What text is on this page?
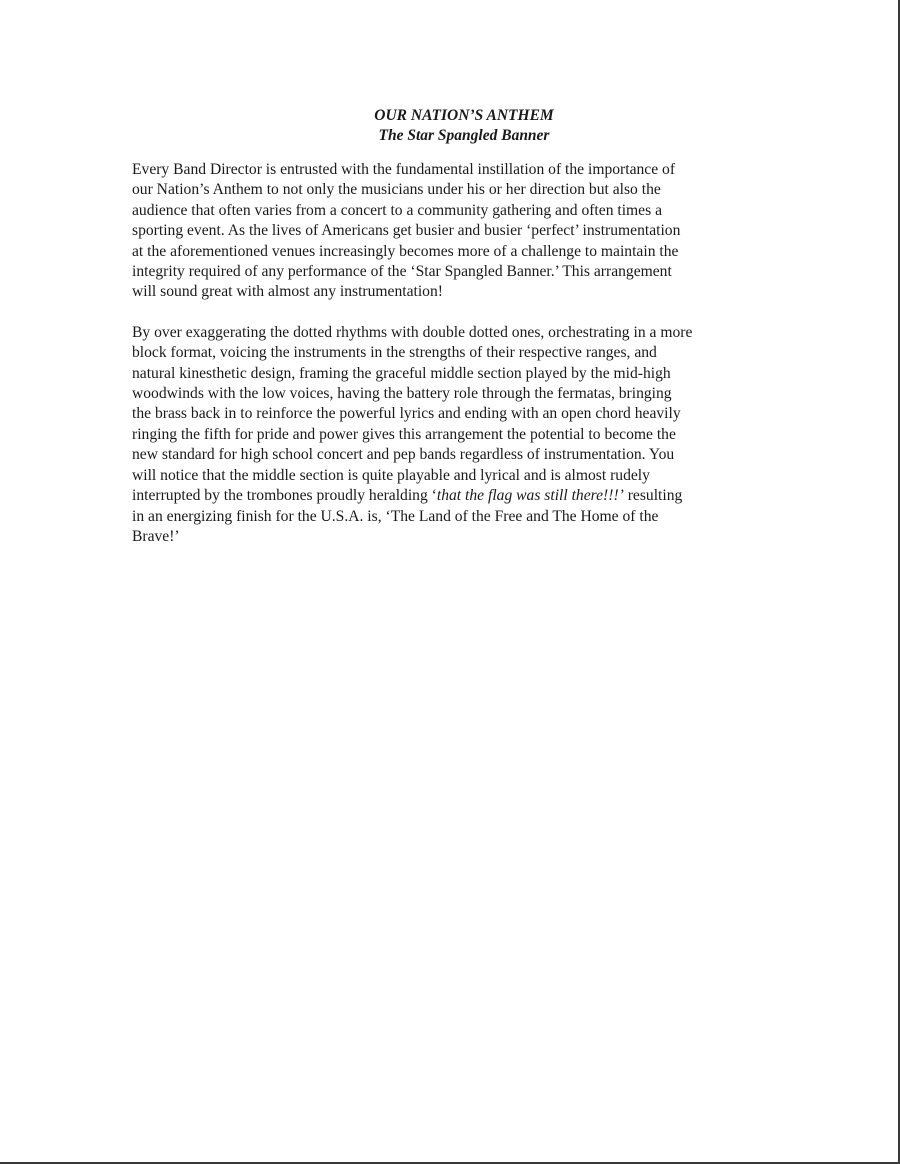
OUR NATION’S ANTHEM

The Star Spangled Banner

Every Band Director is entrusted with the fundamental instillation of the importance of
our Nation’s Anthem to not only the musicians under his or her direction but also the
audience that often varies from a concert to a community gathering and often times a
sporting event. As the lives of Americans get busier and busier ‘perfect’ instrumentation
at the aforementioned venues increasingly becomes more of a challenge to maintain the
integrity required of any performance of the ‘Star Spangled Banner.’ This arrangement
will sound great with almost any instrumentation!

By over exaggerating the dotted rhythms with double dotted ones, orchestrating in a more
block format, voicing the instruments in the strengths of their respective ranges, and
natural kinesthetic design, framing the graceful middle section played by the mid-high
woodwinds with the low voices, having the battery role through the fermatas, bringing
the brass back in to reinforce the powerful lyrics and ending with an open chord heavily
ringing the fifth for pride and power gives this arrangement the potential to become the
new standard for high school concert and pep bands regardless of instrumentation. You
will notice that the middle section is quite playable and lyrical and is almost rudely
interrupted by the trombones proudly heralding ‘that the flag was still there!!!’ resulting
in an energizing finish for the U.S.A. is, ‘The Land of the Free and The Home of the
Brave!’
